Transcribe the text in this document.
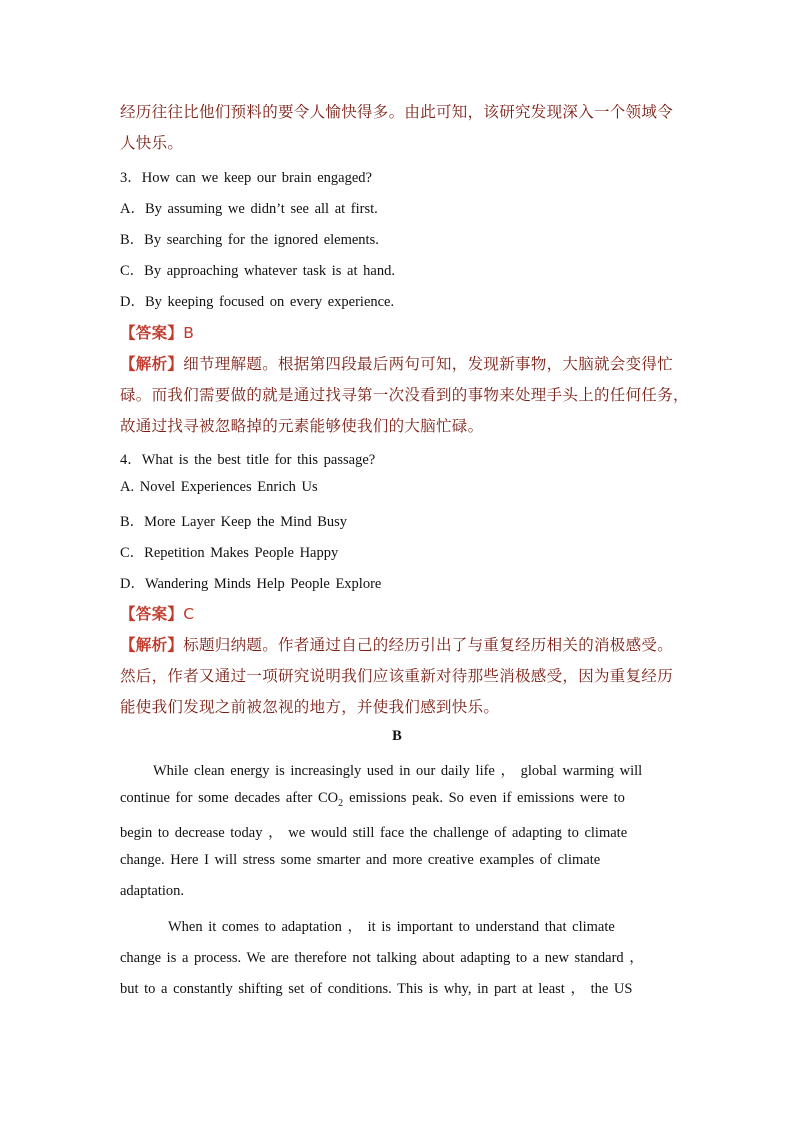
经历往往比他们预料的要令人愉快得多。由此可知，该研究发现深入一个领域令
人快乐。
3．How can we keep our brain engaged?
A．By assuming we didn’t see all at first.
B．By searching for the ignored elements.
C．By approaching whatever task is at hand.
D．By keeping focused on every experience.
【答案】B
【解析】细节理解题。根据第四段最后两句可知，发现新事物，大脑就会变得忙
碌。而我们需要做的就是通过找寻第一次没看到的事物来处理手头上的任何任务，
故通过找寻被忽略掉的元素能够使我们的大脑忙碌。
4．What is the best title for this passage?
A. Novel Experiences Enrich Us
B．More Layer Keep the Mind Busy
C．Repetition Makes People Happy
D．Wandering Minds Help People Explore
【答案】C
【解析】标题归纳题。作者通过自己的经历引出了与重复经历相关的消极感受。
然后，作者又通过一项研究说明我们应该重新对待那些消极感受，因为重复经历
能使我们发现之前被忽视的地方，并使我们感到快乐。
B
While clean energy is increasingly used in our daily life ， global warming will
continue for some decades after $CO_2$ emissions peak. So even if emissions were to
begin to decrease today ， we would still face the challenge of adapting to climate
change. Here I will stress some smarter and more creative examples of climate
adaptation.
When it comes to adaptation ， it is important to understand that climate
change is a process. We are therefore not talking about adapting to a new standard ，
but to a constantly shifting set of conditions. This is why, in part at least ， the US
